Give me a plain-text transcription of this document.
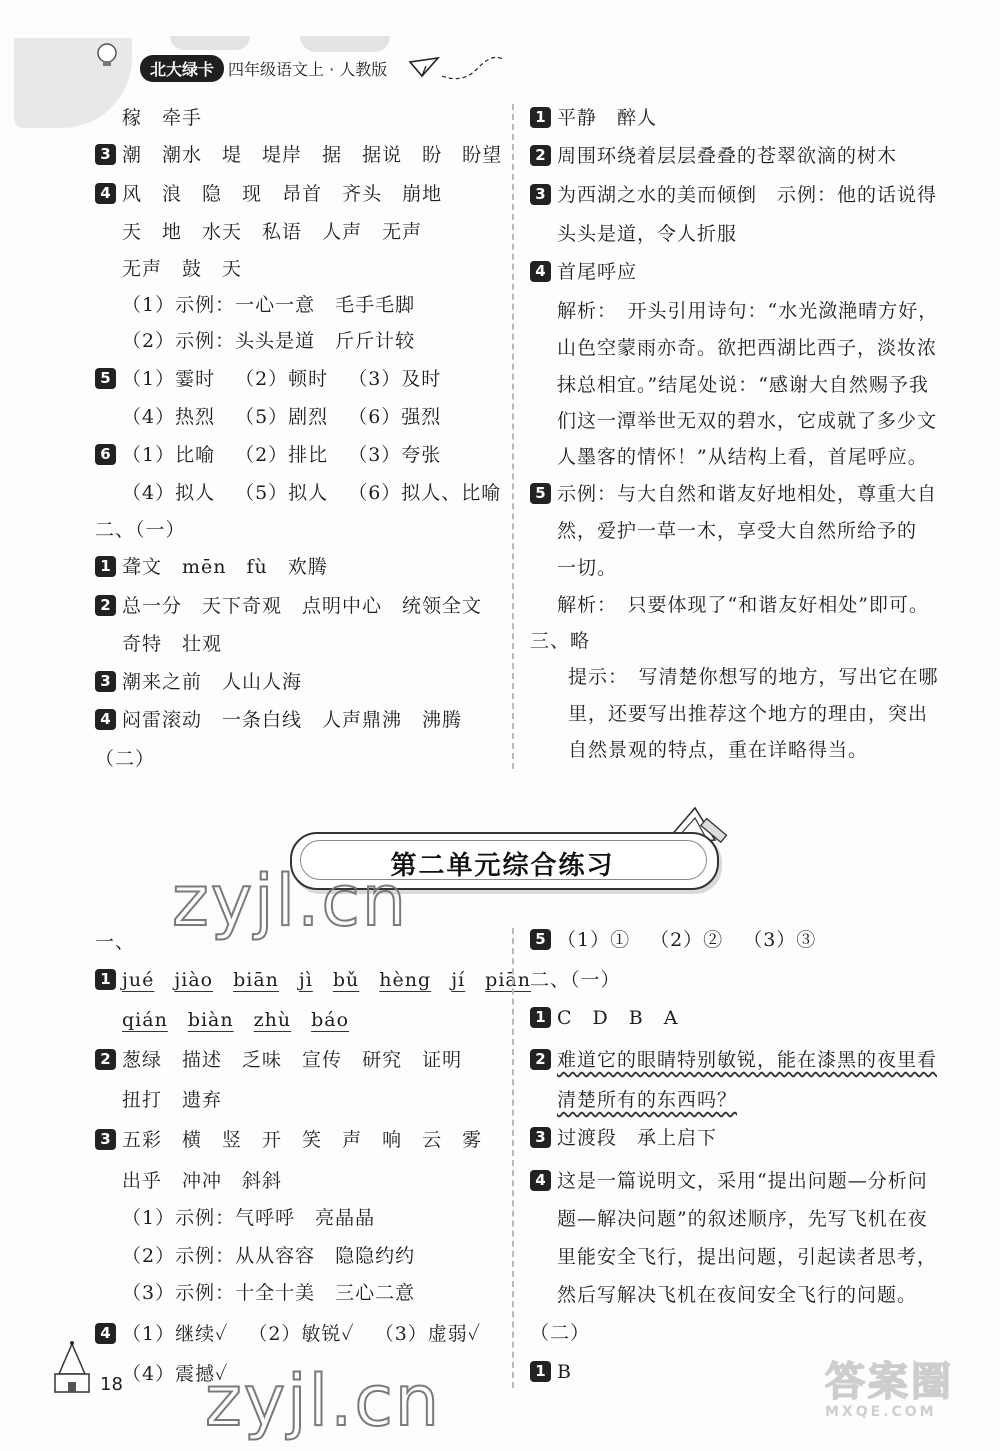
北大绿卡 四年级语文上 · 人教版
稼 牵手
3 潮 潮水 堤 堤岸 据 据说 盼 盼望
4 风 浪 隐 现 昂首 齐头 崩地
天 地 水天 私语 人声 无声
无声 鼓 天
（1）示例：一心一意 毛手毛脚
（2）示例：头头是道 斤斤计较
5 （1）霎时 （2）顿时 （3）及时
（4）热烈 （5）剧烈 （6）强烈
6 （1）比喻 （2）排比 （3）夸张
（4）拟人 （5）拟人 （6）拟人、比喻
二、（一）
1 聋文 mēn fù 欢腾
2 总一分 天下奇观 点明中心 统领全文
奇特 壮观
3 潮来之前 人山人海
4 闷雷滚动 一条白线 人声鼎沸 沸腾
（二）
1 平静 醉人
2 周围环绕着层层叠叠的苍翠欲滴的树木
3 为西湖之水的美而倾倒　示例：他的话说得
头头是道，令人折服
4 首尾呼应
解析：　开头引用诗句：“水光潋滟晴方好，
山色空蒙雨亦奇。欲把西湖比西子，淡妆浓
抹总相宜。”结尾处说：“感谢大自然赐予我
们这一潭举世无双的碧水，它成就了多少文
人墨客的情怀！”从结构上看，首尾呼应。
5 示例：与大自然和谐友好地相处，尊重大自
然，爱护一草一木，享受大自然所给予的
一切。
解析：　只要体现了“和谐友好相处”即可。
三、略
提示：　写清楚你想写的地方，写出它在哪
里，还要写出推荐这个地方的理由，突出
自然景观的特点，重在详略得当。
第二单元综合练习
zyjl.cn
一、
1 jué jiào biān jì bǔ hèng jí piān
qián biàn zhù báo
2 葱绿 描述 乏味 宣传 研究 证明
扭打 遗弃
3 五彩 横 竖 开 笑 声 响 云 雾
出乎 冲冲 斜斜
（1）示例：气呼呼 亮晶晶
（2）示例：从从容容 隐隐约约
（3）示例：十全十美 三心二意
4 （1）继续✓ （2）敏锐✓ （3）虚弱✓
（4）震撼✓
18 zyjl.cn
5 （1）① （2）② （3）③
二、（一）
1 C D B A
2 难道它的眼睛特别敏锐，能在漆黑的夜里看
清楚所有的东西吗？
3 过渡段 承上启下
4 这是一篇说明文，采用“提出问题—分析问
题—解决问题”的叙述顺序，先写飞机在夜
里能安全飞行，提出问题，引起读者思考，
然后写解决飞机在夜间安全飞行的问题。
（二）
1 B	答案圈
MXQE.COM
